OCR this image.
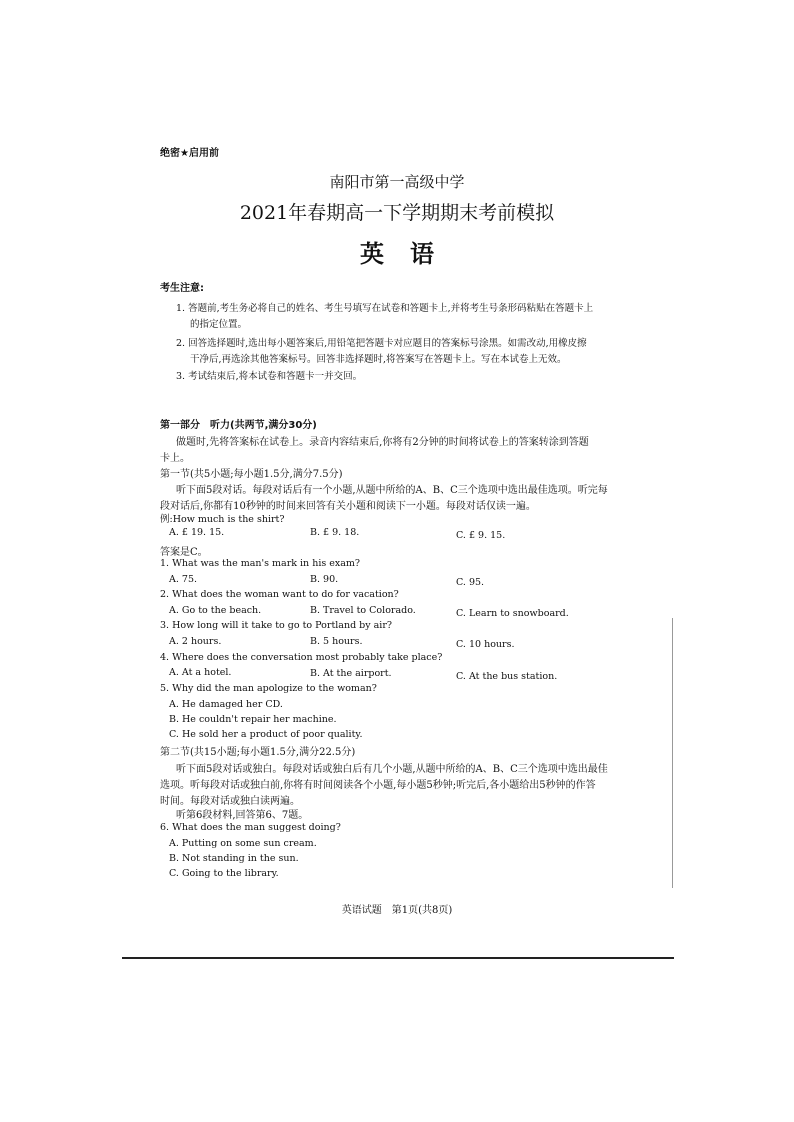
绝密★启用前
南阳市第一高级中学
2021年春期高一下学期期末考前模拟
英语
考生注意:
1. 答题前,考生务必将自己的姓名、考生号填写在试卷和答题卡上,并将考生号条形码粘贴在答题卡上
的指定位置。
2. 回答选择题时,选出每小题答案后,用铅笔把答题卡对应题目的答案标号涂黑。如需改动,用橡皮擦
干净后,再选涂其他答案标号。回答非选择题时,将答案写在答题卡上。写在本试卷上无效。
3. 考试结束后,将本试卷和答题卡一并交回。
第一部分　听力(共两节,满分30分)
做题时,先将答案标在试卷上。录音内容结束后,你将有2分钟的时间将试卷上的答案转涂到答题
卡上。
第一节(共5小题;每小题1.5分,满分7.5分)
听下面5段对话。每段对话后有一个小题,从题中所给的A、B、C三个选项中选出最佳选项。听完每
段对话后,你都有10秒钟的时间来回答有关小题和阅读下一小题。每段对话仅读一遍。
例:How much is the shirt?
A. £ 19. 15.	B. £ 9. 18.	C. £ 9. 15.
答案是C。
1. What was the man's mark in his exam?
A. 75.	B. 90.	C. 95.
2. What does the woman want to do for vacation?
A. Go to the beach.	B. Travel to Colorado.	C. Learn to snowboard.
3. How long will it take to go to Portland by air?
A. 2 hours.	B. 5 hours.	C. 10 hours.
4. Where does the conversation most probably take place?
A. At a hotel.	B. At the airport.	C. At the bus station.
5. Why did the man apologize to the woman?
A. He damaged her CD.
B. He couldn't repair her machine.
C. He sold her a product of poor quality.
第二节(共15小题;每小题1.5分,满分22.5分)
听下面5段对话或独白。每段对话或独白后有几个小题,从题中所给的A、B、C三个选项中选出最佳
选项。听每段对话或独白前,你将有时间阅读各个小题,每小题5秒钟;听完后,各小题给出5秒钟的作答
时间。每段对话或独白读两遍。
听第6段材料,回答第6、7题。
6. What does the man suggest doing?
A. Putting on some sun cream.
B. Not standing in the sun.
C. Going to the library.
英语试题　第1页(共8页)
